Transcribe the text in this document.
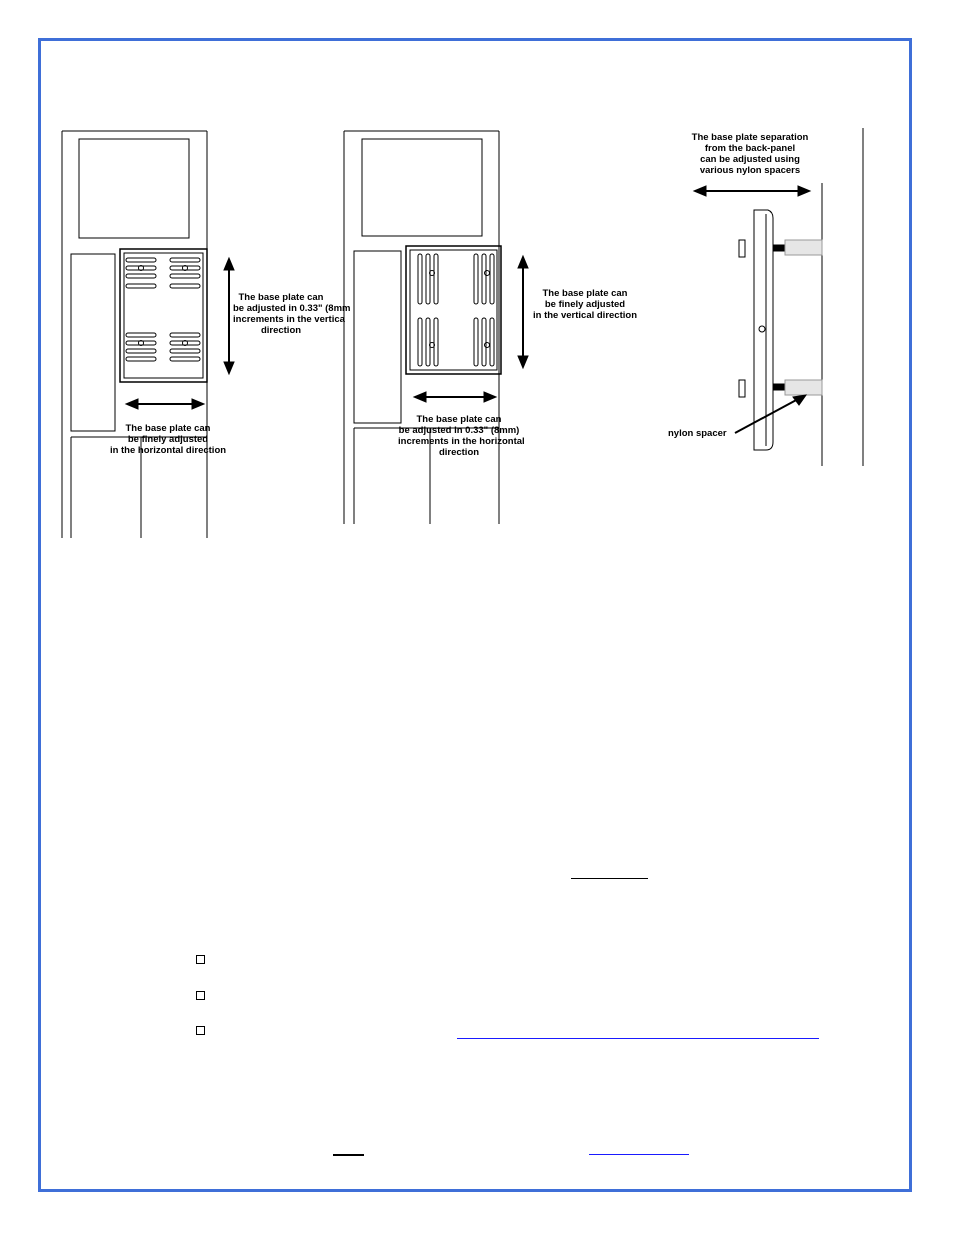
The base plate can
be adjusted in 0.33" (8mm
increments in the vertica
direction
The base plate can
be finely adjusted
in the horizontal direction
The base plate can
be finely adjusted
in the vertical direction
The base plate can
be adjusted in 0.33" (8mm)
increments in the horizontal
direction
The base plate separation
from the back-panel
can be adjusted using
various nylon spacers
nylon spacer
